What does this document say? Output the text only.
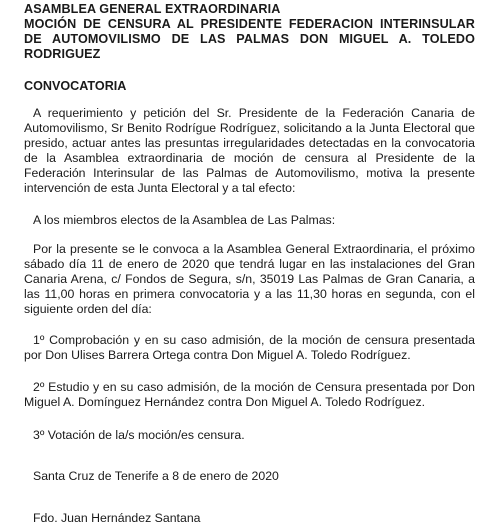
ASAMBLEA GENERAL EXTRAORDINARIA

MOCIÓN DE CENSURA AL PRESIDENTE FEDERACION INTERINSULAR DE AUTOMOVILISMO DE LAS PALMAS DON MIGUEL A. TOLEDO RODRIGUEZ

CONVOCATORIA

A requerimiento y petición del Sr. Presidente de la Federación Canaria de Automovilismo, Sr Benito Rodrígue Rodríguez, solicitando a la Junta Electoral que presido, actuar antes las presuntas irregularidades detectadas en la convocatoria de la Asamblea extraordinaria de moción de censura al Presidente de la Federación Interinsular de las Palmas de Automovilismo, motiva la presente intervención de esta Junta Electoral y a tal efecto:

A los miembros electos de la Asamblea de Las Palmas:

Por la presente se le convoca a la Asamblea General Extraordinaria, el próximo sábado día 11 de enero de 2020 que tendrá lugar en las instalaciones del Gran Canaria Arena, c/ Fondos de Segura, s/n, 35019 Las Palmas de Gran Canaria, a las 11,00 horas en primera convocatoria y a las 11,30 horas en segunda, con el siguiente orden del día:

1º Comprobación y en su caso admisión, de la moción de censura presentada por Don Ulises Barrera Ortega contra Don Miguel A. Toledo Rodríguez.

2º Estudio y en su caso admisión, de la moción de Censura presentada por Don Miguel A. Domínguez Hernández contra Don Miguel A. Toledo Rodríguez.

3º Votación de la/s moción/es censura.

Santa Cruz de Tenerife a 8 de enero de 2020

Fdo. Juan Hernández Santana
